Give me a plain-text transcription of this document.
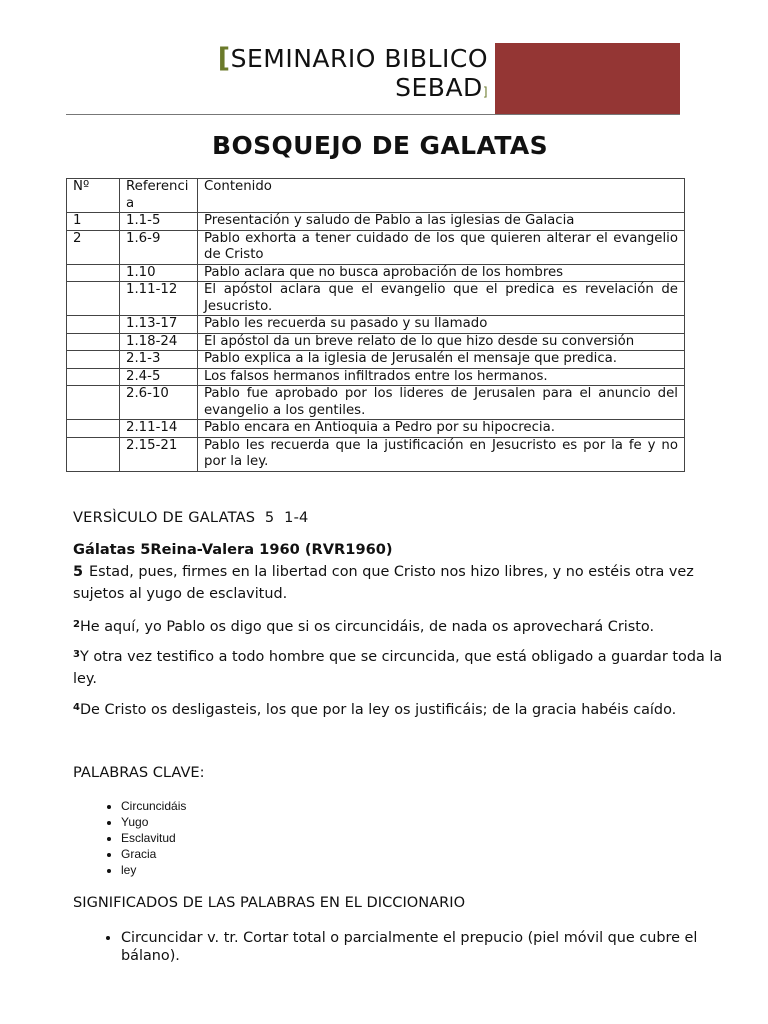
[SEMINARIO BIBLICO
SEBAD]
BOSQUEJO DE GALATAS
Nº	Referencia	Contenido
1	1.1-5	Presentación y saludo de Pablo a las iglesias de Galacia
2	1.6-9	Pablo exhorta a tener cuidado de los que quieren alterar el evangelio de Cristo
	1.10	Pablo aclara que no busca aprobación de los hombres
	1.11-12	El apóstol aclara que el evangelio que el predica es revelación de Jesucristo.
	1.13-17	Pablo les recuerda su pasado y su llamado
	1.18-24	El apóstol da un breve relato de lo que hizo desde su conversión
	2.1-3	Pablo explica a la iglesia de Jerusalén el mensaje que predica.
	2.4-5	Los falsos hermanos infiltrados entre los hermanos.
	2.6-10	Pablo fue aprobado por los lideres de Jerusalen para el anuncio del evangelio a los gentiles.
	2.11-14	Pablo encara en Antioquia a Pedro por su hipocrecia.
	2.15-21	Pablo les recuerda que la justificación en Jesucristo es por la fe y no por la ley.
VERSÌCULO DE GALATAS  5  1-4
Gálatas 5Reina-Valera 1960 (RVR1960)
5 Estad, pues, firmes en la libertad con que Cristo nos hizo libres, y no estéis otra vez sujetos al yugo de esclavitud.
$^2$He aquí, yo Pablo os digo que si os circuncidáis, de nada os aprovechará Cristo.
$^3$Y otra vez testifico a todo hombre que se circuncida, que está obligado a guardar toda la ley.
$^4$De Cristo os desligasteis, los que por la ley os justificáis; de la gracia habéis caído.
PALABRAS CLAVE:
• Circuncidáis
• Yugo
• Esclavitud
• Gracia
• ley
SIGNIFICADOS DE LAS PALABRAS EN EL DICCIONARIO
• Circuncidar v. tr. Cortar total o parcialmente el prepucio (piel móvil que cubre el bálano).
